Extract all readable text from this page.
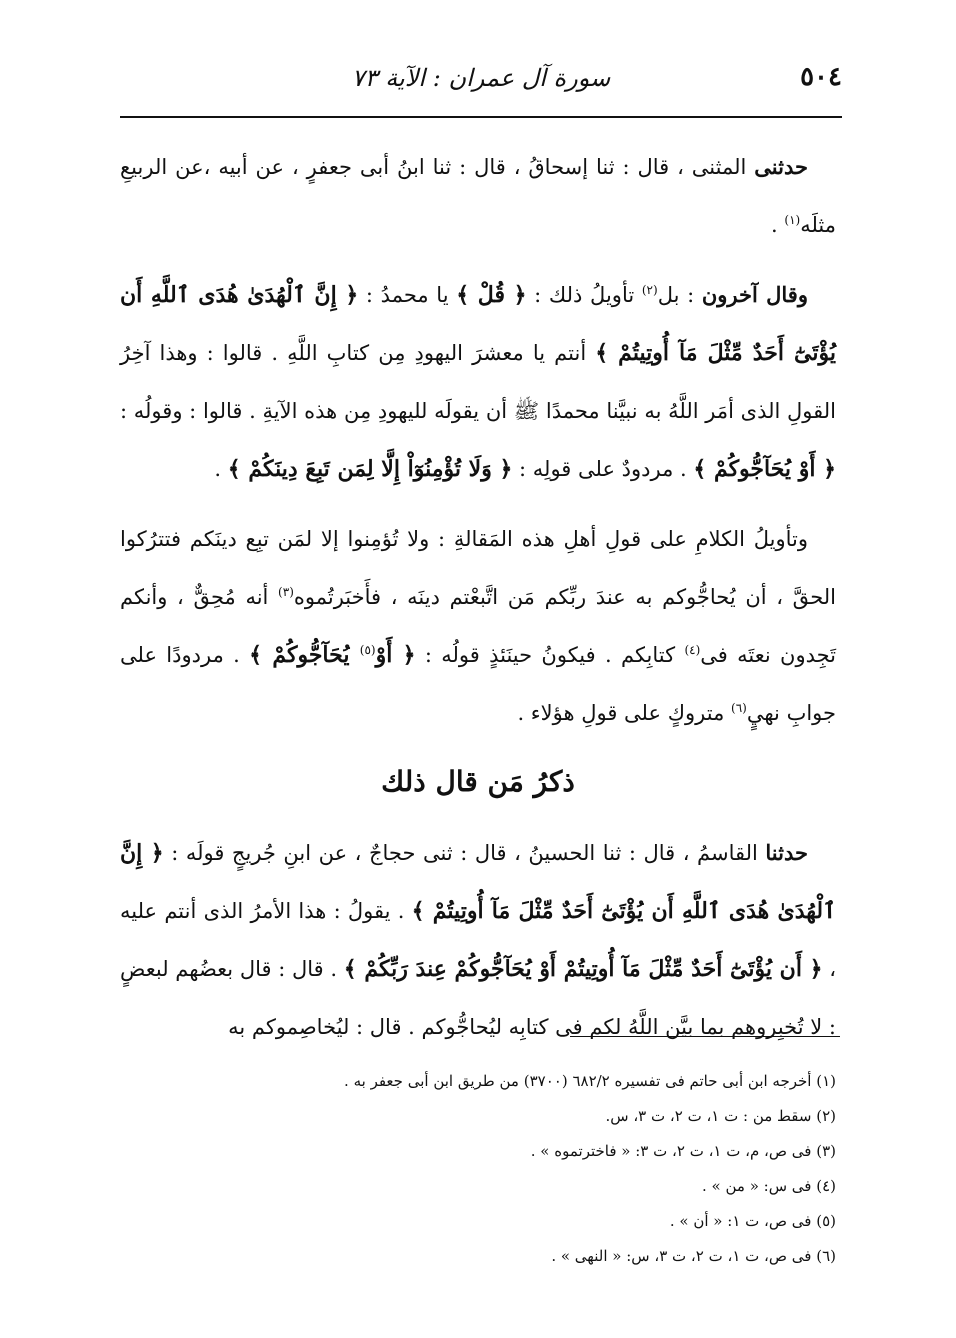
٥٠٤
سورة آل عمران : الآية ٧٣

حدثنى المثنى ، قال : ثنا إسحاقُ ، قال : ثنا ابنُ أبى جعفرٍ ، عن أبيه ،عن الربيعِ مثلَه$^{(١)}$ .

وقال آخرون : بل$^{(٢)}$ تأويلُ ذلك : ﴿ قُلْ ﴾ يا محمدُ : ﴿ إِنَّ ٱلْهُدَىٰ هُدَى ٱللَّهِ أَن يُؤْتَىٰٓ أَحَدٌ مِّثْلَ مَآ أُوتِيتُمْ ﴾ أنتم يا معشرَ اليهودِ مِن كتابِ اللَّهِ . قالوا : وهذا آخِرُ القولِ الذى أمَر اللَّهُ به نبيَّنا محمدًا ﷺ أن يقولَه لليهودِ مِن هذه الآيةِ . قالوا : وقولُه : ﴿ أَوْ يُحَآجُّوكُمْ ﴾ . مردودٌ على قولِه : ﴿ وَلَا تُؤْمِنُوٓاْ إِلَّا لِمَن تَبِعَ دِينَكُمْ ﴾ .

وتأويلُ الكلامِ على قولِ أهلِ هذه المَقالةِ : ولا تُؤمِنوا إلا لمَن تبِع دينَكم فتترُكوا الحقَّ ، أن يُحاجُّوكم به عندَ ربِّكم مَن اتَّبعْتم دينَه ، فأَخبَرتُموه$^{(٣)}$ أنه مُحِقٌّ ، وأنكم تَجِدون نعتَه فى$^{(٤)}$ كتابِكم . فيكونُ حينَئذٍ قولُه : ﴿ أَوْ$^{(٥)}$ يُحَآجُّوكُمْ ﴾ . مردودًا على جوابِ نهيٍ$^{(٦)}$ متروكٍ على قولِ هؤلاء .

ذكرُ مَن قال ذلك

حدثنا القاسمُ ، قال : ثنا الحسينُ ، قال : ثنى حجاجٌ ، عن ابنِ جُريجٍ قولَه : ﴿ إِنَّ ٱلْهُدَىٰ هُدَى ٱللَّهِ أَن يُؤْتَىٰٓ أَحَدٌ مِّثْلَ مَآ أُوتِيتُمْ ﴾ . يقولُ : هذا الأمرُ الذى أنتم عليه ، ﴿ أَن يُؤْتَىٰٓ أَحَدٌ مِّثْلَ مَآ أُوتِيتُمْ أَوْ يُحَآجُّوكُمْ عِندَ رَبِّكُمْ ﴾ . قال : قال بعضُهم لبعضٍ : لا تُخبِروهم بما بيَّن اللَّهُ لكم فى كتابِه ليُحاجُّوكم . قال : ليُخاصِموكم به

(١) أخرجه ابن أبى حاتم فى تفسيره ٦٨٢/٢ (٣٧٠٠) من طريق ابن أبى جعفر به .
(٢) سقط من : ت ١، ت ٢، ت ٣، س.
(٣) فى ص، م، ت ١، ت ٢، ت ٣: « فاخترتموه » .
(٤) فى س: « من » .
(٥) فى ص، ت ١: « أن » .
(٦) فى ص، ت ١، ت ٢، ت ٣، س: « النهى » .
